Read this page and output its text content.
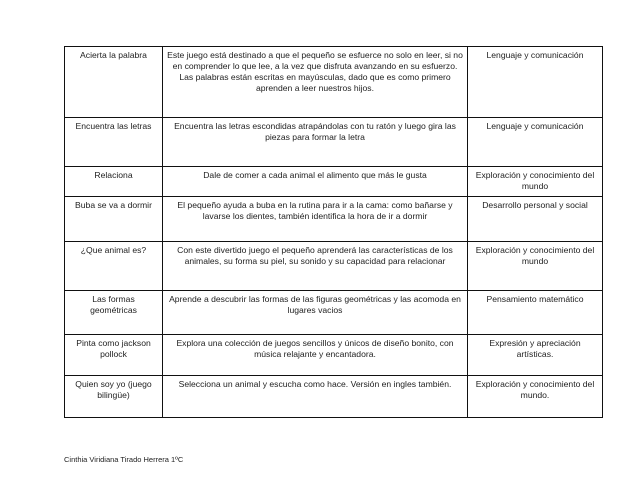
Acierta la palabra	Este juego está destinado a que el pequeño se esfuerce no solo en leer, si no en comprender lo que lee, a la vez que disfruta avanzando en su esfuerzo. Las palabras están escritas en mayúsculas, dado que es como primero aprenden a leer nuestros hijos.	Lenguaje y comunicación
Encuentra las letras	Encuentra las letras escondidas atrapándolas con tu ratón y luego gira las piezas para formar la letra	Lenguaje y comunicación
Relaciona	Dale de comer a cada animal el alimento que más le gusta	Exploración y conocimiento del mundo
Buba se va a dormir	El pequeño ayuda a buba en la rutina para ir a la cama: como bañarse y lavarse los dientes, también identifica la hora de ir a dormir	Desarrollo personal y social
¿Que animal es?	Con este divertido juego el pequeño aprenderá las características de los animales, su forma su piel, su sonido y su capacidad para relacionar	Exploración y conocimiento del mundo
Las formas geométricas	Aprende a descubrir las formas de las figuras geométricas y las acomoda en lugares vacios	Pensamiento matemático
Pinta como jackson pollock	Explora una colección de juegos sencillos y únicos de diseño bonito, con música relajante y encantadora.	Expresión y apreciación artísticas.
Quien soy yo (juego bilingüe)	Selecciona un animal y escucha como hace. Versión en ingles también.	Exploración y conocimiento del mundo.
Cinthia Viridiana Tirado Herrera 1ºC
